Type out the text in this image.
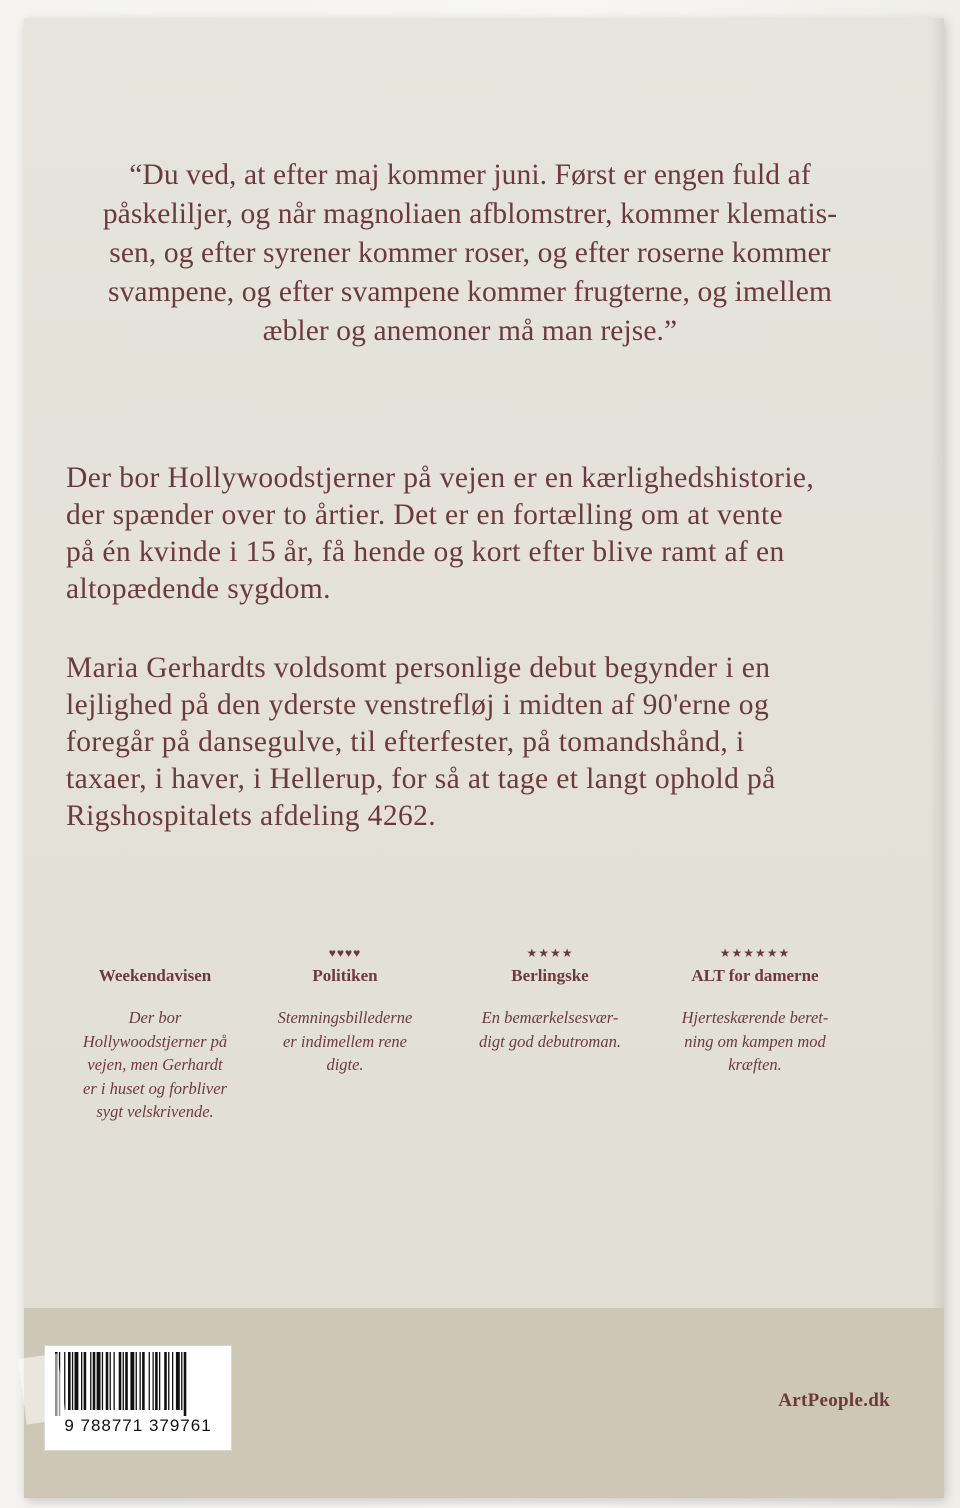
“Du ved, at efter maj kommer juni. Først er engen fuld af
påskeliljer, og når magnoliaen afblomstrer, kommer klematis-
sen, og efter syrener kommer roser, og efter roserne kommer
svampene, og efter svampene kommer frugterne, og imellem
æbler og anemoner må man rejse.”
Der bor Hollywoodstjerner på vejen er en kærlighedshistorie,
der spænder over to årtier. Det er en fortælling om at vente
på én kvinde i 15 år, få hende og kort efter blive ramt af en
altopædende sygdom.
Maria Gerhardts voldsomt personlige debut begynder i en
lejlighed på den yderste venstrefløj i midten af 90'erne og
foregår på dansegulve, til efterfester, på tomandshånd, i
taxaer, i haver, i Hellerup, for så at tage et langt ophold på
Rigshospitalets afdeling 4262.
Weekendavisen
Der bor
Hollywoodstjerner på
vejen, men Gerhardt
er i huset og forbliver
sygt velskrivende.
♥♥♥♥
Politiken
Stemningsbillederne
er indimellem rene
digte.
★★★★
Berlingske
En bemærkelsesvær-
digt god debutroman.
★★★★★★
ALT for damerne
Hjerteskærende beret-
ning om kampen mod
kræften.
9 788771 379761
ArtPeople.dk
